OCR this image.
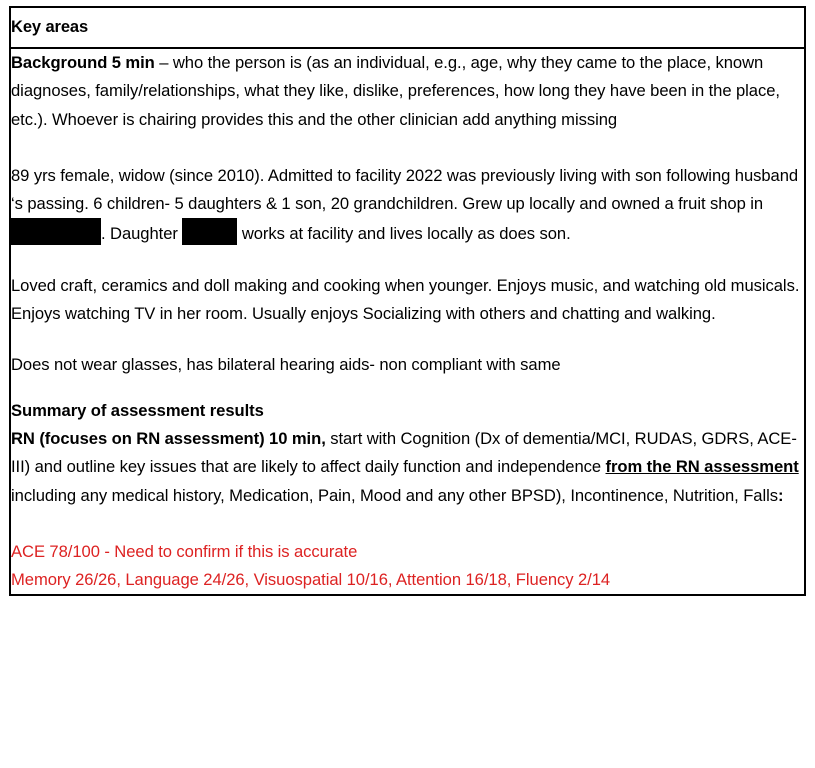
Key areas

Background 5 min – who the person is (as an individual, e.g., age, why they came to the place, known diagnoses, family/relationships, what they like, dislike, preferences, how long they have been in the place, etc.). Whoever is chairing provides this and the other clinician add anything missing

89 yrs female, widow (since 2010). Admitted to facility 2022 was previously living with son following husband ‘s passing. 6 children- 5 daughters & 1 son, 20 grandchildren. Grew up locally and owned a fruit shop in . Daughter	works at facility and lives locally as does son.

Loved craft, ceramics and doll making and cooking when younger. Enjoys music, and watching old musicals. Enjoys watching TV in her room. Usually enjoys Socializing with others and chatting and walking.

Does not wear glasses, has bilateral hearing aids- non compliant with same

Summary of assessment results

RN (focuses on RN assessment) 10 min, start with Cognition (Dx of dementia/MCI, RUDAS, GDRS, ACE-III) and outline key issues that are likely to affect daily function and independence from the RN assessment including any medical history, Medication, Pain, Mood and any other BPSD), Incontinence, Nutrition, Falls:

ACE 78/100 - Need to confirm if this is accurate

Memory 26/26, Language 24/26, Visuospatial 10/16, Attention 16/18, Fluency 2/14
